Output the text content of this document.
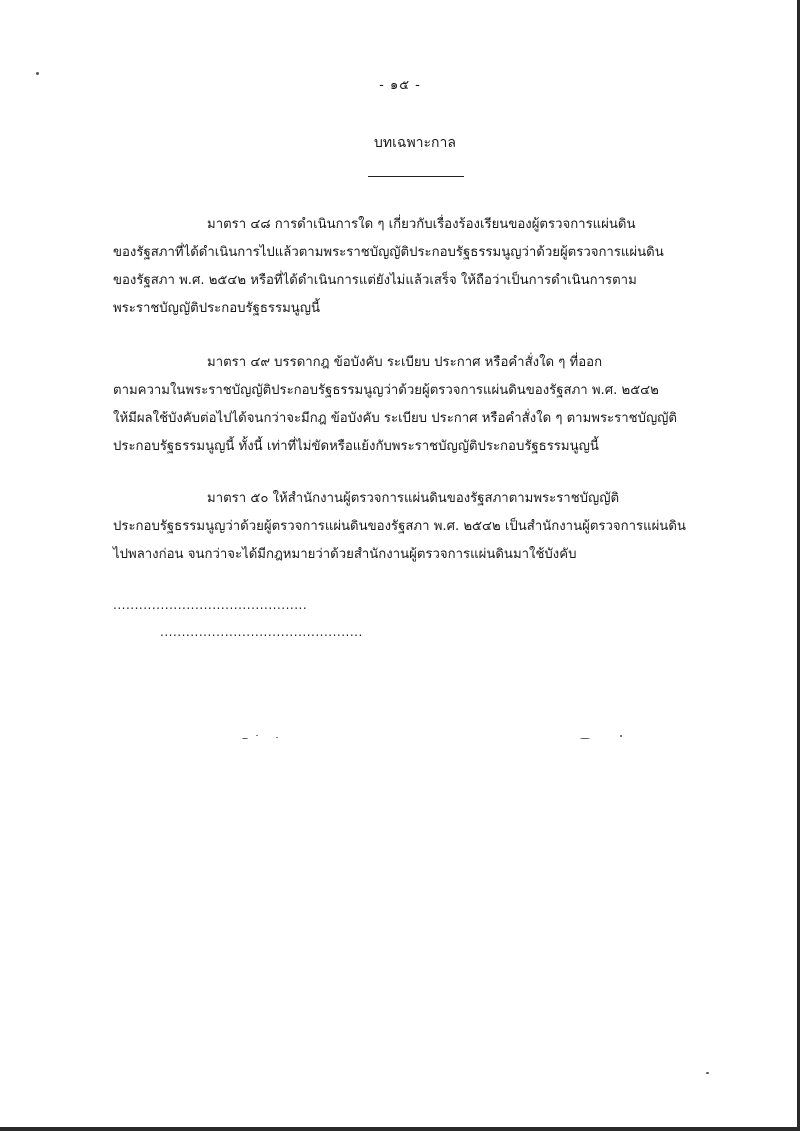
- ๑๕ -
บทเฉพาะกาล

มาตรา ๔๘ การดำเนินการใด ๆ เกี่ยวกับเรื่องร้องเรียนของผู้ตรวจการแผ่นดิน
ของรัฐสภาที่ได้ดำเนินการไปแล้วตามพระราชบัญญัติประกอบรัฐธรรมนูญว่าด้วยผู้ตรวจการแผ่นดิน
ของรัฐสภา พ.ศ. ๒๕๔๒ หรือที่ได้ดำเนินการแต่ยังไม่แล้วเสร็จ ให้ถือว่าเป็นการดำเนินการตาม
พระราชบัญญัติประกอบรัฐธรรมนูญนี้

มาตรา ๔๙ บรรดากฎ ข้อบังคับ ระเบียบ ประกาศ หรือคำสั่งใด ๆ ที่ออก
ตามความในพระราชบัญญัติประกอบรัฐธรรมนูญว่าด้วยผู้ตรวจการแผ่นดินของรัฐสภา พ.ศ. ๒๕๔๒
ให้มีผลใช้บังคับต่อไปได้จนกว่าจะมีกฎ ข้อบังคับ ระเบียบ ประกาศ หรือคำสั่งใด ๆ ตามพระราชบัญญัติ
ประกอบรัฐธรรมนูญนี้ ทั้งนี้ เท่าที่ไม่ขัดหรือแย้งกับพระราชบัญญัติประกอบรัฐธรรมนูญนี้

มาตรา ๕๐ ให้สำนักงานผู้ตรวจการแผ่นดินของรัฐสภาตามพระราชบัญญัติ
ประกอบรัฐธรรมนูญว่าด้วยผู้ตรวจการแผ่นดินของรัฐสภา พ.ศ. ๒๕๔๒ เป็นสำนักงานผู้ตรวจการแผ่นดิน
ไปพลางก่อน จนกว่าจะได้มีกฎหมายว่าด้วยสำนักงานผู้ตรวจการแผ่นดินมาใช้บังคับ

.............................................
...............................................
